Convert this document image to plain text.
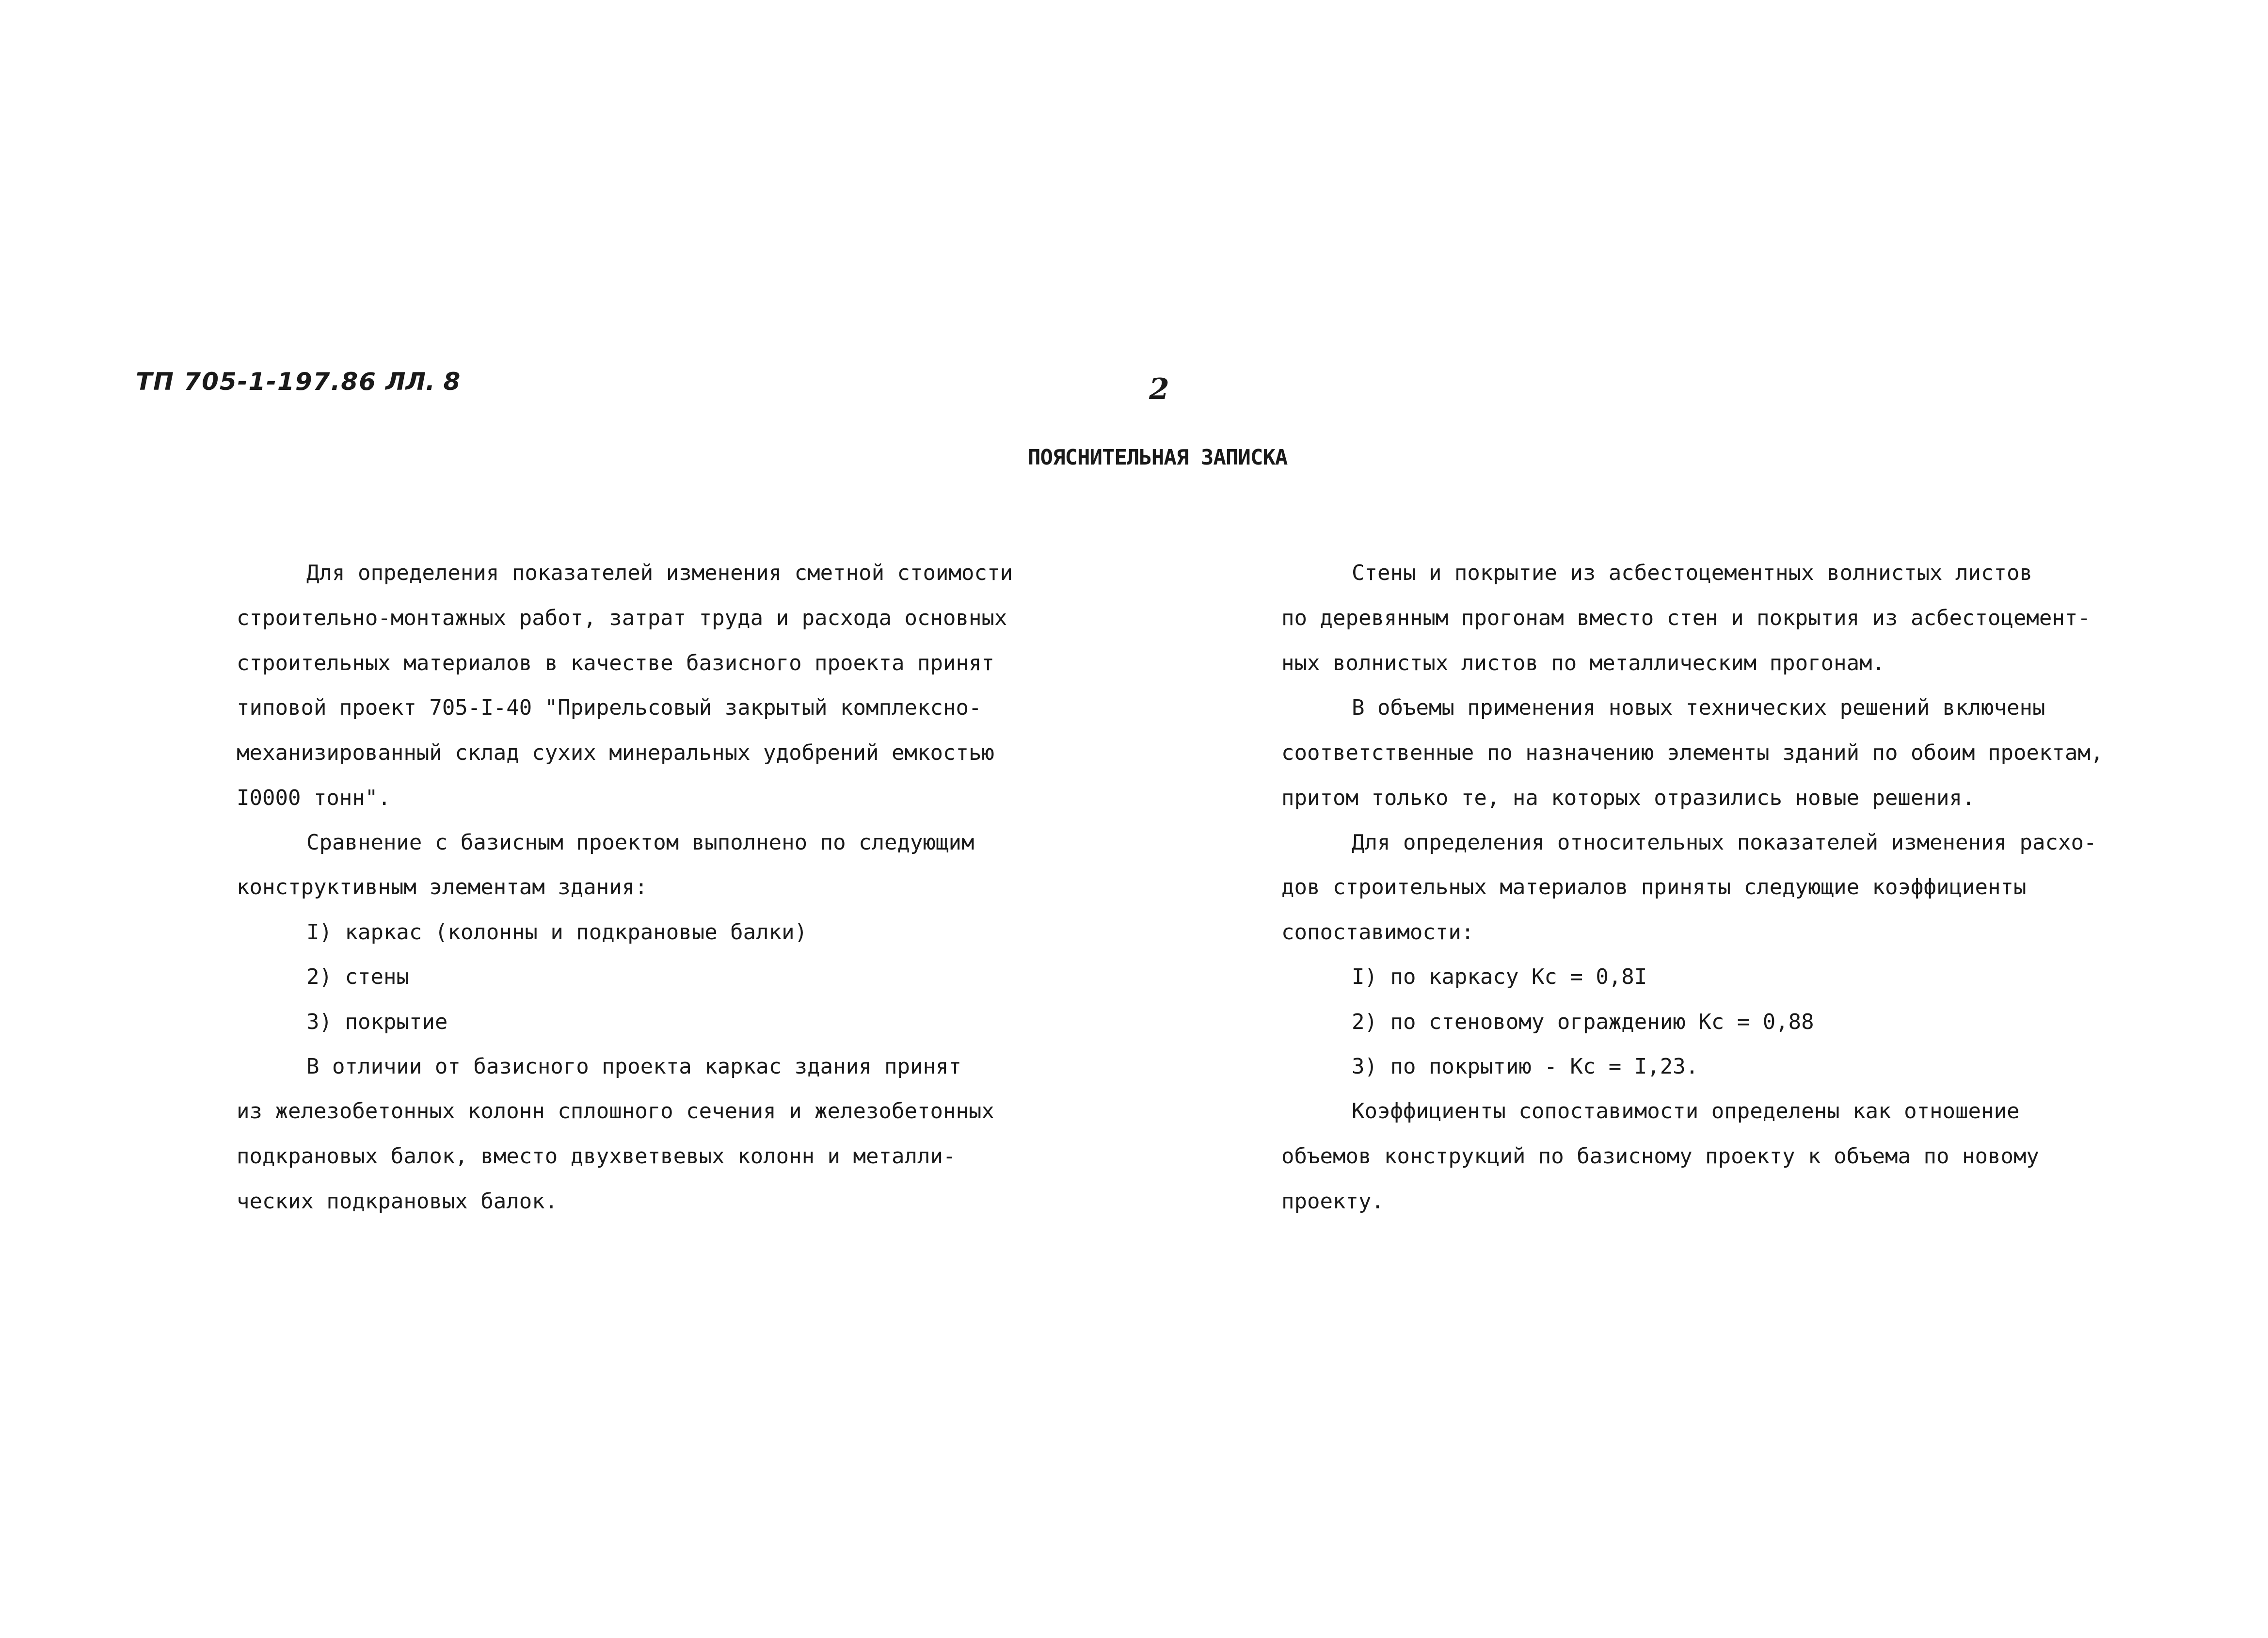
ТП 705-1-197.86 ЛЛ. 8	2
ПОЯСНИТЕЛЬНАЯ ЗАПИСКА
Для определения показателей изменения сметной стоимости
строительно-монтажных работ, затрат труда и расхода основных
строительных материалов в качестве базисного проекта принят
типовой проект 705-I-40 "Прирельсовый закрытый комплексно-
механизированный склад сухих минеральных удобрений емкостью
I0000 тонн".
Сравнение с базисным проектом выполнено по следующим
конструктивным элементам здания:
I) каркас (колонны и подкрановые балки)
2) стены
3) покрытие
В отличии от базисного проекта каркас здания принят
из железобетонных колонн сплошного сечения и железобетонных
подкрановых балок, вместо двухветвевых колонн и металли-
ческих подкрановых балок.
Стены и покрытие из асбестоцементных волнистых листов
по деревянным прогонам вместо стен и покрытия из асбестоцемент-
ных волнистых листов по металлическим прогонам.
В объемы применения новых технических решений включены
соответственные по назначению элементы зданий по обоим проектам,
притом только те, на которых отразились новые решения.
Для определения относительных показателей изменения расхо-
дов строительных материалов приняты следующие коэффициенты
сопоставимости:
I) по каркасу Кс = 0,8I
2) по стеновому ограждению Кс = 0,88
3) по покрытию - Кс = I,23.
Коэффициенты сопоставимости определены как отношение
объемов конструкций по базисному проекту к объема по новому
проекту.
